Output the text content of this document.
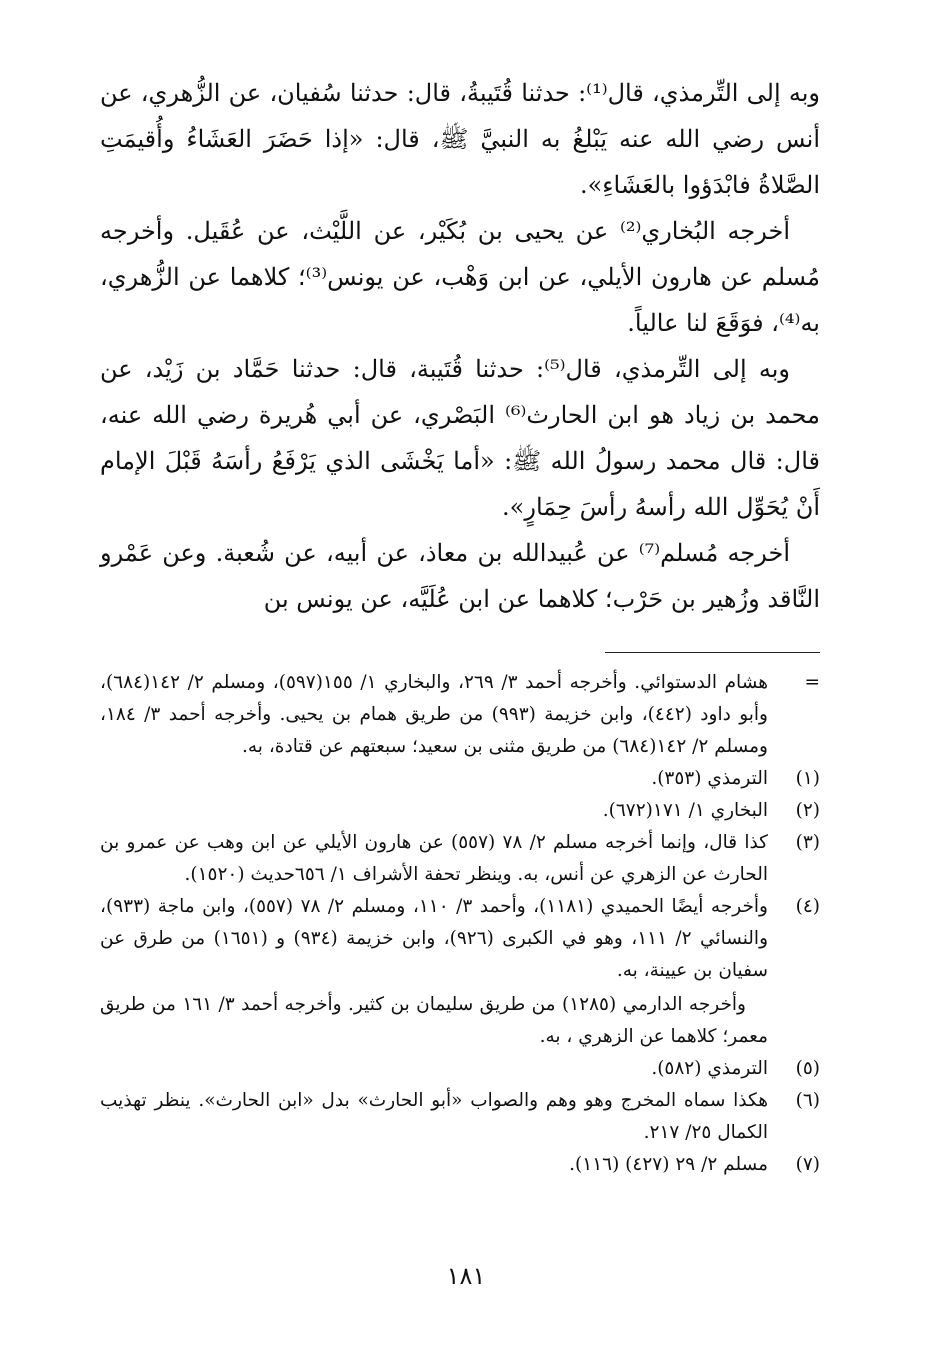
وبه إلى التِّرمذي، قال⁽¹⁾: حدثنا قُتَيبةُ، قال: حدثنا سُفيان، عن الزُّهري، عن أنس رضي الله عنه يَبْلغُ به النبيَّ ﷺ، قال: «إذا حَضَرَ العَشَاءُ وأُقيمَتِ الصَّلاةُ فابْدَؤوا بالعَشَاءِ».

أخرجه البُخاري⁽²⁾ عن يحيى بن بُكَيْر، عن اللَّيْث، عن عُقَيل. وأخرجه مُسلم عن هارون الأيلي، عن ابن وَهْب، عن يونس⁽³⁾؛ كلاهما عن الزُّهري، به⁽⁴⁾، فوَقَعَ لنا عالياً.

وبه إلى التِّرمذي، قال⁽⁵⁾: حدثنا قُتَيبة، قال: حدثنا حَمَّاد بن زَيْد، عن محمد بن زياد هو ابن الحارث⁽⁶⁾ البَصْري، عن أبي هُريرة رضي الله عنه، قال: قال محمد رسولُ الله ﷺ: «أما يَخْشَى الذي يَرْفَعُ رأسَهُ قَبْلَ الإمام أَنْ يُحَوِّل الله رأسهُ رأسَ حِمَارٍ».

أخرجه مُسلم⁽⁷⁾ عن عُبيدالله بن معاذ، عن أبيه، عن شُعبة. وعن عَمْرو النَّاقد وزُهير بن حَرْب؛ كلاهما عن ابن عُلَيَّه، عن يونس بن

=

هشام الدستوائي. وأخرجه أحمد ٣/ ٢٦٩، والبخاري ١/ ١٥٥(٥٩٧)، ومسلم ٢/ ١٤٢(٦٨٤)، وأبو داود (٤٤٢)، وابن خزيمة (٩٩٣) من طريق همام بن يحيى. وأخرجه أحمد ٣/ ١٨٤، ومسلم ٢/ ١٤٢(٦٨٤) من طريق مثنى بن سعيد؛ سبعتهم عن قتادة، به.

(١)

الترمذي (٣٥٣).

(٢)

البخاري ١/ ١٧١(٦٧٢).

(٣)

كذا قال، وإنما أخرجه مسلم ٢/ ٧٨ (٥٥٧) عن هارون الأيلي عن ابن وهب عن عمرو بن الحارث عن الزهري عن أنس، به. وينظر تحفة الأشراف ١/ ٦٥٦حديث (١٥٢٠).

(٤)

وأخرجه أيضًا الحميدي (١١٨١)، وأحمد ٣/ ١١٠، ومسلم ٢/ ٧٨ (٥٥٧)، وابن ماجة (٩٣٣)، والنسائي ٢/ ١١١، وهو في الكبرى (٩٢٦)، وابن خزيمة (٩٣٤) و (١٦٥١) من طرق عن سفيان بن عيينة، به.

وأخرجه الدارمي (١٢٨٥) من طريق سليمان بن كثير. وأخرجه أحمد ٣/ ١٦١ من طريق معمر؛ كلاهما عن الزهري ، به.

(٥)

الترمذي (٥٨٢).

(٦)

هكذا سماه المخرج وهو وهم والصواب «أبو الحارث» بدل «ابن الحارث». ينظر تهذيب الكمال ٢٥/ ٢١٧.

(٧)

مسلم ٢/ ٢٩ (٤٢٧) (١١٦).

١٨١
